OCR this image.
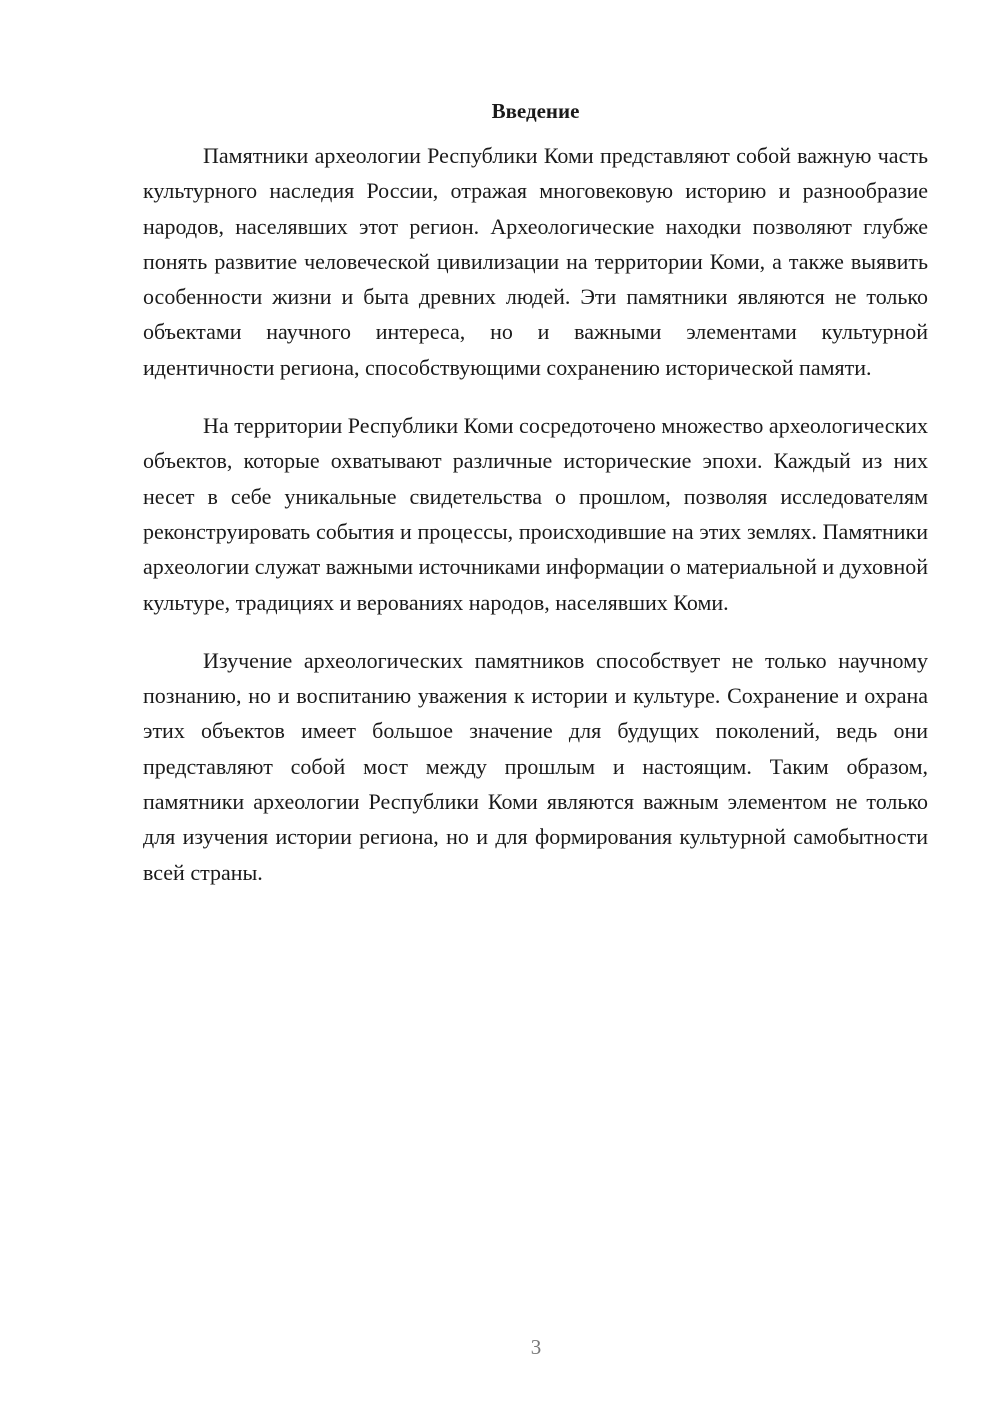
Введение

Памятники археологии Республики Коми представляют собой важную часть культурного наследия России, отражая многовековую историю и разнообразие народов, населявших этот регион. Археологические находки позволяют глубже понять развитие человеческой цивилизации на территории Коми, а также выявить особенности жизни и быта древних людей. Эти памятники являются не только объектами научного интереса, но и важными элементами культурной идентичности региона, способствующими сохранению исторической памяти.

На территории Республики Коми сосредоточено множество археологических объектов, которые охватывают различные исторические эпохи. Каждый из них несет в себе уникальные свидетельства о прошлом, позволяя исследователям реконструировать события и процессы, происходившие на этих землях. Памятники археологии служат важными источниками информации о материальной и духовной культуре, традициях и верованиях народов, населявших Коми.

Изучение археологических памятников способствует не только научному познанию, но и воспитанию уважения к истории и культуре. Сохранение и охрана этих объектов имеет большое значение для будущих поколений, ведь они представляют собой мост между прошлым и настоящим. Таким образом, памятники археологии Республики Коми являются важным элементом не только для изучения истории региона, но и для формирования культурной самобытности всей страны.

3
